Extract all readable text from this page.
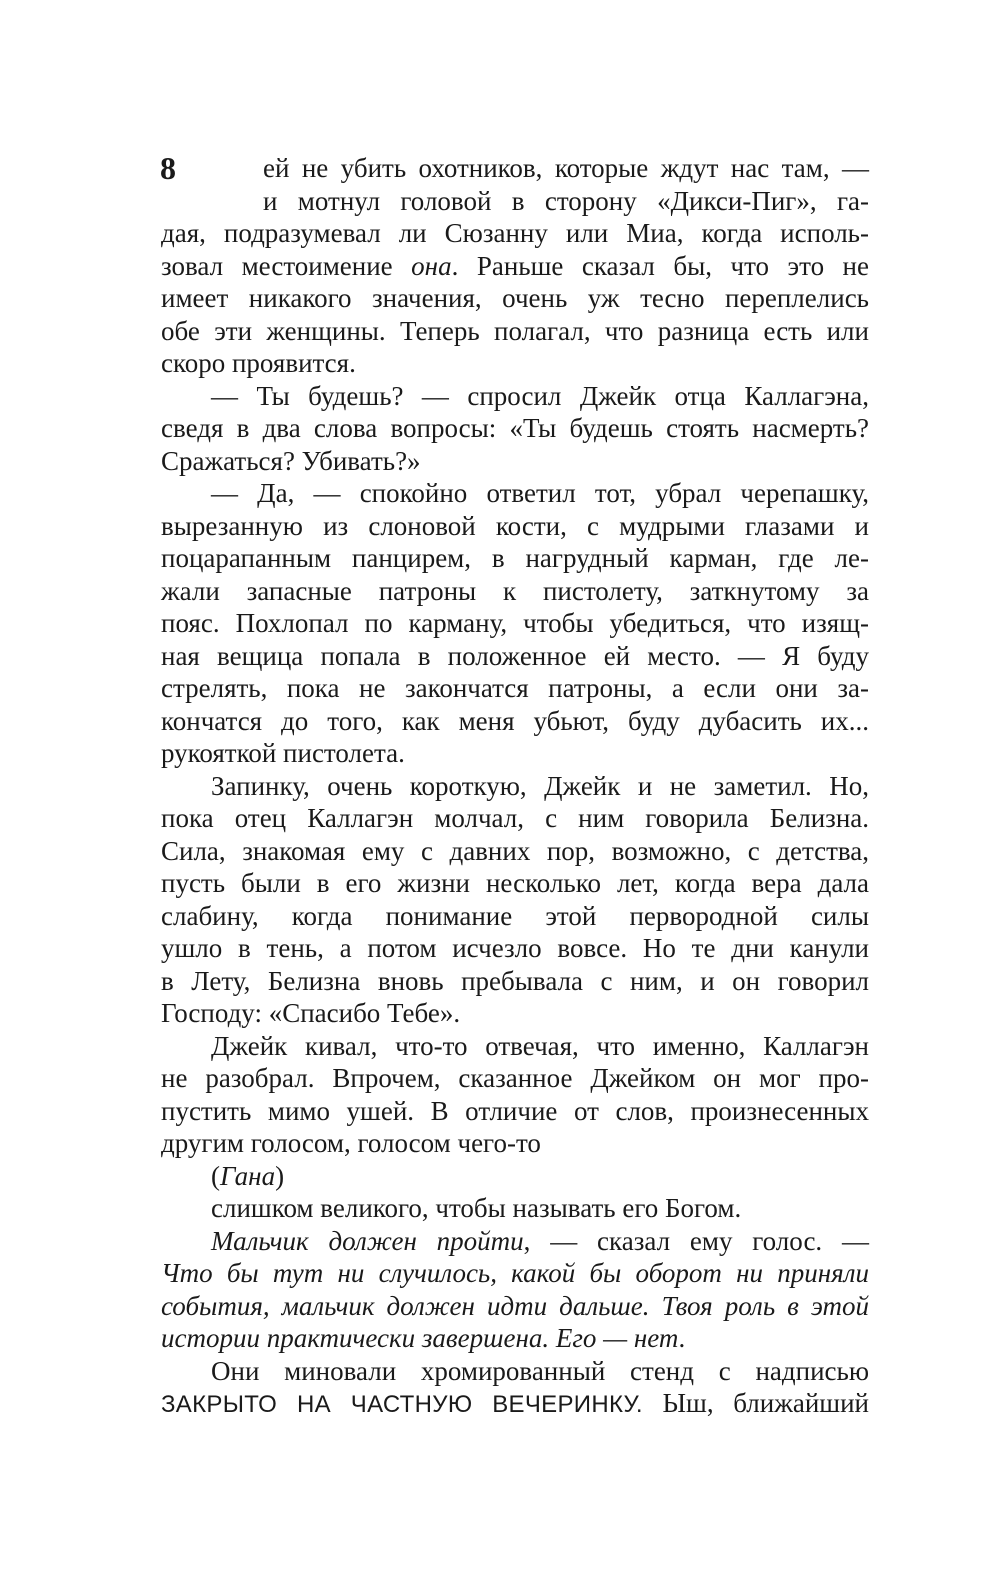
8	ей не убить охотников, которые ждут нас там, —
и мотнул головой в сторону «Дикси-Пиг», га-
дая, подразумевал ли Сюзанну или Миа, когда исполь-
зовал местоимение она. Раньше сказал бы, что это не
имеет никакого значения, очень уж тесно переплелись
обе эти женщины. Теперь полагал, что разница есть или
скоро проявится.
— Ты будешь? — спросил Джейк отца Каллагэна,
сведя в два слова вопросы: «Ты будешь стоять насмерть?
Сражаться? Убивать?»
— Да, — спокойно ответил тот, убрал черепашку,
вырезанную из слоновой кости, с мудрыми глазами и
поцарапанным панцирем, в нагрудный карман, где ле-
жали запасные патроны к пистолету, заткнутому за
пояс. Похлопал по карману, чтобы убедиться, что изящ-
ная вещица попала в положенное ей место. — Я буду
стрелять, пока не закончатся патроны, а если они за-
кончатся до того, как меня убьют, буду дубасить их...
рукояткой пистолета.
Запинку, очень короткую, Джейк и не заметил. Но,
пока отец Каллагэн молчал, с ним говорила Белизна.
Сила, знакомая ему с давних пор, возможно, с детства,
пусть были в его жизни несколько лет, когда вера дала
слабину, когда понимание этой первородной силы
ушло в тень, а потом исчезло вовсе. Но те дни канули
в Лету, Белизна вновь пребывала с ним, и он говорил
Господу: «Спасибо Тебе».
Джейк кивал, что-то отвечая, что именно, Каллагэн
не разобрал. Впрочем, сказанное Джейком он мог про-
пустить мимо ушей. В отличие от слов, произнесенных
другим голосом, голосом чего-то
(Гана)
слишком великого, чтобы называть его Богом.
Мальчик должен пройти, — сказал ему голос. —
Что бы тут ни случилось, какой бы оборот ни приняли
события, мальчик должен идти дальше. Твоя роль в этой
истории практически завершена. Его — нет.
Они миновали хромированный стенд с надписью
ЗАКРЫТО НА ЧАСТНУЮ ВЕЧЕРИНКУ. Ыш, ближайший
